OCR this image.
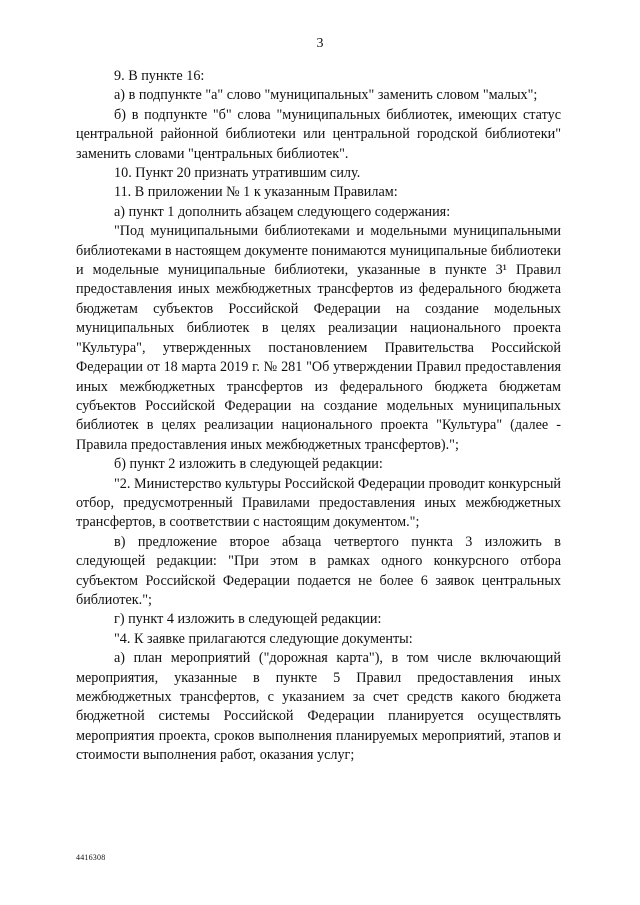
3

9. В пункте 16:

а) в подпункте "а" слово "муниципальных" заменить словом "малых";

б) в подпункте "б" слова "муниципальных библиотек, имеющих статус центральной районной библиотеки или центральной городской библиотеки" заменить словами "центральных библиотек".

10. Пункт 20 признать утратившим силу.

11. В приложении № 1 к указанным Правилам:

а) пункт 1 дополнить абзацем следующего содержания:

"Под муниципальными библиотеками и модельными муниципальными библиотеками в настоящем документе понимаются муниципальные библиотеки и модельные муниципальные библиотеки, указанные в пункте 3¹ Правил предоставления иных межбюджетных трансфертов из федерального бюджета бюджетам субъектов Российской Федерации на создание модельных муниципальных библиотек в целях реализации национального проекта "Культура", утвержденных постановлением Правительства Российской Федерации от 18 марта 2019 г. № 281 "Об утверждении Правил предоставления иных межбюджетных трансфертов из федерального бюджета бюджетам субъектов Российской Федерации на создание модельных муниципальных библиотек в целях реализации национального проекта "Культура" (далее - Правила предоставления иных межбюджетных трансфертов).";

б) пункт 2 изложить в следующей редакции:

"2. Министерство культуры Российской Федерации проводит конкурсный отбор, предусмотренный Правилами предоставления иных межбюджетных трансфертов, в соответствии с настоящим документом.";

в) предложение второе абзаца четвертого пункта 3 изложить в следующей редакции: "При этом в рамках одного конкурсного отбора субъектом Российской Федерации подается не более 6 заявок центральных библиотек.";

г) пункт 4 изложить в следующей редакции:

"4. К заявке прилагаются следующие документы:

а) план мероприятий ("дорожная карта"), в том числе включающий мероприятия, указанные в пункте 5 Правил предоставления иных межбюджетных трансфертов, с указанием за счет средств какого бюджета бюджетной системы Российской Федерации планируется осуществлять мероприятия проекта, сроков выполнения планируемых мероприятий, этапов и стоимости выполнения работ, оказания услуг;

4416308
